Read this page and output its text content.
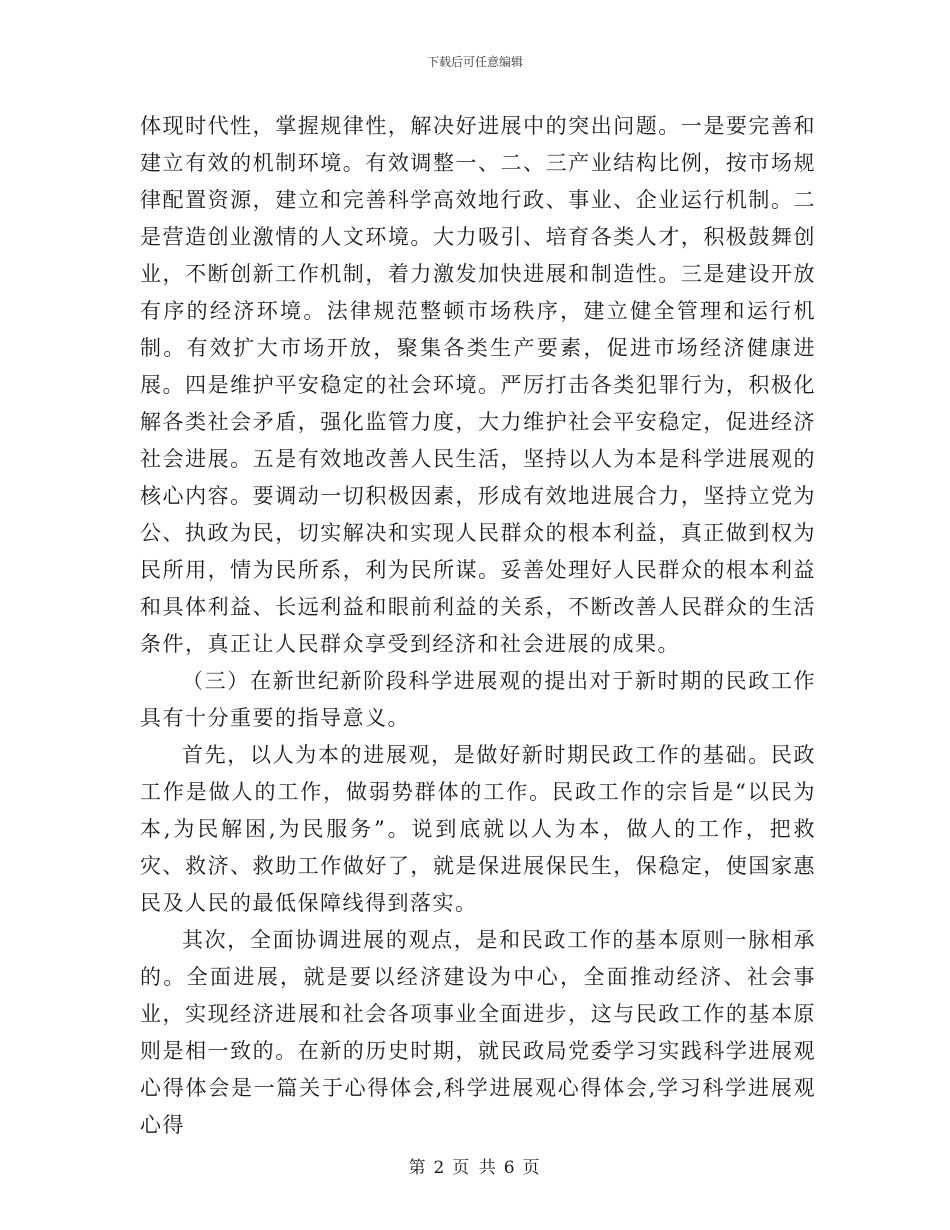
下载后可任意编辑

体现时代性，掌握规律性，解决好进展中的突出问题。一是要完善和建立有效的机制环境。有效调整一、二、三产业结构比例，按市场规律配置资源，建立和完善科学高效地行政、事业、企业运行机制。二是营造创业激情的人文环境。大力吸引、培育各类人才，积极鼓舞创业，不断创新工作机制，着力激发加快进展和制造性。三是建设开放有序的经济环境。法律规范整顿市场秩序，建立健全管理和运行机制。有效扩大市场开放，聚集各类生产要素，促进市场经济健康进展。四是维护平安稳定的社会环境。严厉打击各类犯罪行为，积极化解各类社会矛盾，强化监管力度，大力维护社会平安稳定，促进经济社会进展。五是有效地改善人民生活，坚持以人为本是科学进展观的核心内容。要调动一切积极因素，形成有效地进展合力，坚持立党为公、执政为民，切实解决和实现人民群众的根本利益，真正做到权为民所用，情为民所系，利为民所谋。妥善处理好人民群众的根本利益和具体利益、长远利益和眼前利益的关系，不断改善人民群众的生活条件，真正让人民群众享受到经济和社会进展的成果。

（三）在新世纪新阶段科学进展观的提出对于新时期的民政工作具有十分重要的指导意义。

首先，以人为本的进展观，是做好新时期民政工作的基础。民政工作是做人的工作，做弱势群体的工作。民政工作的宗旨是“以民为本,为民解困,为民服务”。说到底就以人为本，做人的工作，把救灾、救济、救助工作做好了，就是保进展保民生，保稳定，使国家惠民及人民的最低保障线得到落实。

其次，全面协调进展的观点，是和民政工作的基本原则一脉相承的。全面进展，就是要以经济建设为中心，全面推动经济、社会事业，实现经济进展和社会各项事业全面进步，这与民政工作的基本原则是相一致的。在新的历史时期，就民政局党委学习实践科学进展观心得体会是一篇关于心得体会,科学进展观心得体会,学习科学进展观心得

第 2 页 共 6 页
